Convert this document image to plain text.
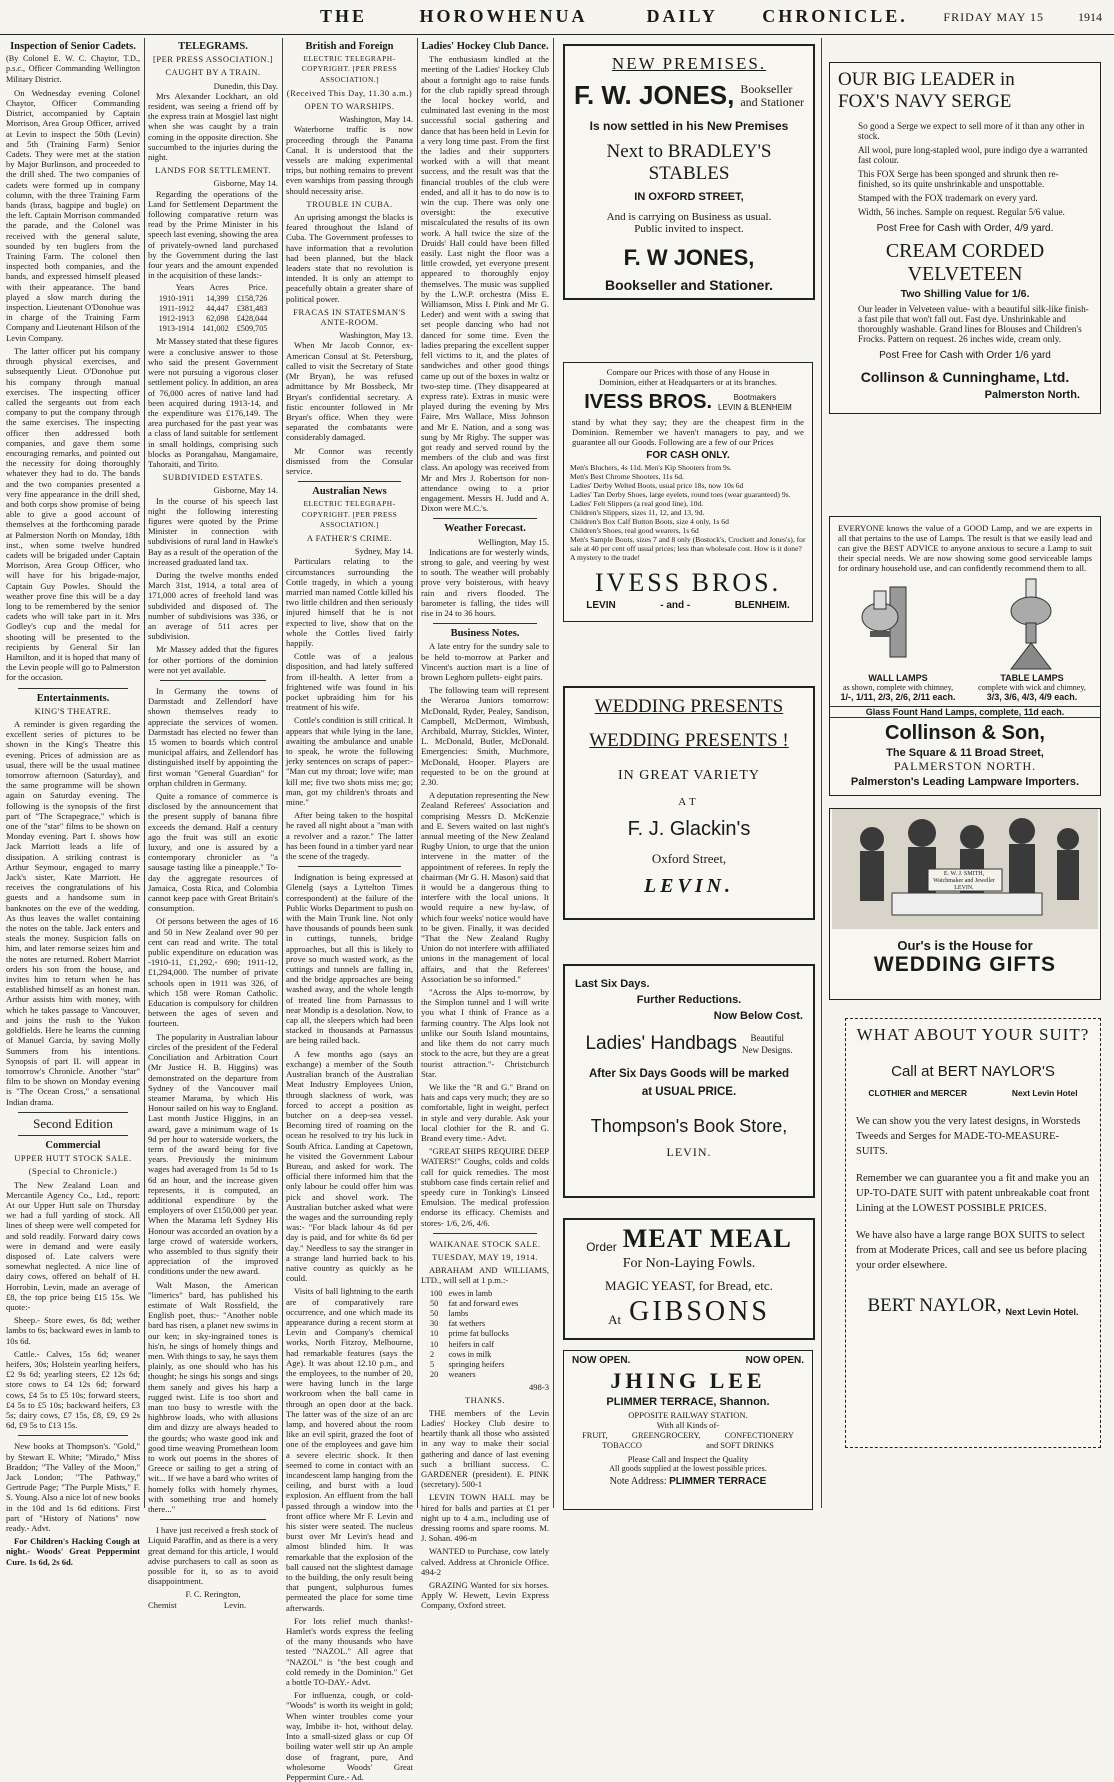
THE	HOROWHENUA	DAILY	CHRONICLE.	FRIDAY MAY 15	1914
Inspection of Senior Cadets.

(By Colonel E. W. C. Chaytor, T.D., p.s.c., Officer Commanding Wellington Military District.

On Wednesday evening Colonel Chaytor, Officer Commanding District, accompanied by Captain Morrison, Area Group Officer, arrived at Levin to inspect the 50th (Levin) and 5th (Training Farm) Senior Cadets. They were met at the station by Major Burlinson, and proceeded to the drill shed. The two companies of cadets were formed up in company column, with the three Training Farm bands (brass, bagpipe and bugle) on the left. Captain Morrison commanded the parade, and the Colonel was received with the general salute, sounded by ten buglers from the Training Farm. The colonel then inspected both companies, and the bands, and expressed himself pleased with their appearance. The band played a slow march during the inspection. Lieutenant O'Donohue was in charge of the Training Farm Company and Lieutenant Hilson of the Levin Company.

The latter officer put his company through physical exercises, and subsequently Lieut. O'Donohue put his company through manual exercises. The inspecting officer called the sergeants out from each company to put the company through the same exercises. The inspecting officer then addressed both companies, and gave them some encouraging remarks, and pointed out the necessity for doing thoroughly whatever they had to do. The bands and the two companies presented a very fine appearance in the drill shed, and both corps show promise of being able to give a good account of themselves at the forthcoming parade at Palmerston North on Monday, 18th inst., when some twelve hundred cadets will be brigaded under Captain Morrison, Area Group Officer, who will have for his brigade-major, Captain Guy Powles. Should the weather prove fine this will be a day long to be remembered by the senior cadets who will take part in it. Mrs Godley's cup and the medal for shooting will be presented to the recipients by General Sir Ian Hamilton, and it is hoped that many of the Levin people will go to Palmerston for the occasion.

Entertainments.
KING'S THEATRE.

A reminder is given regarding the excellent series of pictures to be shown in the King's Theatre this evening. Prices of admission are as usual, there will be the usual matinee tomorrow afternoon (Saturday), and the same programme will be shown again on Saturday evening. The following is the synopsis of the first part of "The Scrapegrace," which is one of the "star" films to be shown on Monday evening. Part I. shows how Jack Marriott leads a life of dissipation. A striking contrast is Arthur Seymour, engaged to marry Jack's sister, Kate Marriott. He receives the congratulations of his guests and a handsome sum in banknotes on the eve of the wedding. As thus leaves the wallet containing the notes on the table. Jack enters and steals the money. Suspicion falls on him, and later remorse seizes him and the notes are returned. Robert Marriot orders his son from the house, and invites him to return when he has established himself as an honest man. Arthur assists him with money, with which he takes passage to Vancouver, and joins the rush to the Yukon goldfields. Here he learns the cunning of Manuel Garcia, by saving Molly Summers from his intentions. Synopsis of part II. will appear in tomorrow's Chronicle. Another "star" film to be shown on Monday evening is "The Ocean Cross," a sensational Indian drama.

Second Edition
Commercial
UPPER HUTT STOCK SALE.
(Special to Chronicle.)

The New Zealand Loan and Mercantile Agency Co., Ltd., report: At our Upper Hutt sale on Thursday we had a full yarding of stock. All lines of sheep were well competed for and sold readily. Forward dairy cows were in demand and were easily disposed of. Late calvers were somewhat neglected. A nice line of dairy cows, offered on behalf of H. Horrobin, Levin, made an average of £8, the top price being £15 15s. We quote:-

Sheep.- Store ewes, 6s 8d; wether lambs to 6s; backward ewes in lamb to 10s 6d.

Cattle.- Calves, 15s 6d; weaner heifers, 30s; Holstein yearling heifers, £2 9s 6d; yearling steers, £2 12s 6d; store cows to £4 12s 6d; forward cows, £4 5s to £5 10s; forward steers, £4 5s to £5 10s; backward heifers, £3 5s; dairy cows, £7 15s, £8, £9, £9 2s 6d, £9 5s to £13 15s.

New books at Thompson's. "Gold," by Stewart E. White; "Mirado," Miss Braddon; "The Valley of the Moon," Jack London; "The Pathway," Gertrude Page; "The Purple Mists," F. S. Young. Also a nice lot of new books in the 10d and 1s 6d editions. First part of "History of Nations" now ready.- Advt.

For Children's Hacking Cough at night.- Woods' Great Peppermint Cure. 1s 6d, 2s 6d.

TELEGRAMS.
[PER PRESS ASSOCIATION.]
CAUGHT BY A TRAIN.
Dunedin, this Day.

Mrs Alexander Lockhart, an old resident, was seeing a friend off by the express train at Mosgiel last night when she was caught by a train coming in the opposite direction. She succumbed to the injuries during the night.

LANDS FOR SETTLEMENT.
Gisborne, May 14.

Regarding the operations of the Land for Settlement Department the following comparative return was read by the Prime Minister in his speech last evening, showing the area of privately-owned land purchased by the Government during the last four years and the amount expended in the acquisition of these lands:-

Years	Acres	Price.
1910-1911	14,399	£158,726
1911-1912	44,447	£381,483
1912-1913	62,098	£428,044
1913-1914	141,002	£509,705

Mr Massey stated that these figures were a conclusive answer to those who said the present Government were not pursuing a vigorous closer settlement policy. In addition, an area of 76,000 acres of native land had been acquired during 1913-14, and the expenditure was £176,149. The area purchased for the past year was a class of land suitable for settlement in small holdings, comprising such blocks as Porangahau, Mangamaire, Tahoraiti, and Tirito.

SUBDIVIDED ESTATES.
Gisborne, May 14.

In the course of his speech last night the following interesting figures were quoted by the Prime Minister in connection with subdivisions of rural land in Hawke's Bay as a result of the operation of the increased graduated land tax.

During the twelve months ended March 31st, 1914, a total area of 171,000 acres of freehold land was subdivided and disposed of. The number of subdivisions was 336, or an average of 511 acres per subdivision.

Mr Massey added that the figures for other portions of the dominion were not yet available.

In Germany the towns of Darmstadt and Zellendorf have shown themselves ready to appreciate the services of women. Darmstadt has elected no fewer than 15 women to boards which control municipal affairs, and Zellendorf has distinguished itself by appointing the first woman "General Guardian" for orphan children in Germany.

Quite a romance of commerce is disclosed by the announcement that the present supply of banana fibre exceeds the demand. Half a century ago the fruit was still an exotic luxury, and one is assured by a contemporary chronicler as "a sausage tasting like a pineapple." To-day the aggregate resources of Jamaica, Costa Rica, and Colombia cannot keep pace with Great Britain's consumption.

Of persons between the ages of 16 and 50 in New Zealand over 90 per cent can read and write. The total public expenditure on education was -1910-11, £1,292,- 690; 1911-12, £1,294,000. The number of private schools open in 1911 was 326, of which 158 were Roman Catholic. Education is compulsory for children between the ages of seven and fourteen.

The popularity in Australian labour circles of the president of the Federal Conciliation and Arbitration Court (Mr Justice H. B. Higgins) was demonstrated on the departure from Sydney of the Vancouver mail steamer Marama, by which His Honour sailed on his way to England. Last month Justice Higgins, in an award, gave a minimum wage of 1s 9d per hour to waterside workers, the term of the award being for five years. Previously the minimum wages had averaged from 1s 5d to 1s 6d an hour, and the increase given represents, it is computed, an additional expenditure by the employers of over £150,000 per year. When the Marama left Sydney His Honour was accorded an ovation by a large crowd of waterside workers, who assembled to thus signify their appreciation of the improved conditions under the new award.

Walt Mason, the American "limerics" bard, has published his estimate of Walt Rossfield, the English poet, thus:- "Another noble bard has risen, a planet new swims in our ken; in sky-ingrained tones is his'n, he sings of homely things and men. With things to say, he says them plainly, as one should who has his thought; he sings his songs and sings them sanely and gives his harp a rugged twist. Life is too short and man too busy to wrestle with the highbrow loads, who with allusions dim and dizzy are always headed to the gourds; who waste good ink and good time weaving Promethean loom to work out poems in the shores of Greece or sailing to get a string of wit... If we have a bard who writes of homely folks with homely rhymes, with something true and homely there..."

I have just received a fresh stock of Liquid Paraffin, and as there is a very great demand for this article, I would advise purchasers to call as soon as possible for it, so as to avoid disappointment.

F. C. Rerington,
Chemist                      Levin.
British and Foreign
ELECTRIC TELEGRAPH-COPYRIGHT. [PER PRESS ASSOCIATION.]
(Received This Day, 11.30 a.m.)
OPEN TO WARSHIPS.
Washington, May 14.

Waterborne traffic is now proceeding through the Panama Canal. It is understood that the vessels are making experimental trips, but nothing remains to prevent even warships from passing through should necessity arise.

TROUBLE IN CUBA.

An uprising amongst the blacks is feared throughout the Island of Cuba. The Government professes to have information that a revolution had been planned, but the black leaders state that no revolution is intended. It is only an attempt to peacefully obtain a greater share of political power.

FRACAS IN STATESMAN'S ANTE-ROOM.
Washington, May 13.

When Mr Jacob Connor, ex-American Consul at St. Petersburg, called to visit the Secretary of State (Mr Bryan), he was refused admittance by Mr Bossbeck, Mr Bryan's confidential secretary. A fistic encounter followed in Mr Bryan's office. When they were separated the combatants were considerably damaged.

Mr Connor was recently dismissed from the Consular service.

Australian News
ELECTRIC TELEGRAPH-COPYRIGHT. [PER PRESS ASSOCIATION.]
A FATHER'S CRIME.
Sydney, May 14.

Particulars relating to the circumstances surrounding the Cottle tragedy, in which a young married man named Cottle killed his two little children and then seriously injured himself that he is not expected to live, show that on the whole the Cottles lived fairly happily.

Cottle was of a jealous disposition, and had lately suffered from ill-health. A letter from a frightened wife was found in his pocket upbraiding him for his treatment of his wife.

Cottle's condition is still critical. It appears that while lying in the lane, awaiting the ambulance and unable to speak, he wrote the following jerky sentences on scraps of paper:- "Man cut my throat; love wife; man kill me; five two shots miss me; go; man, got my children's throats and mine."

After being taken to the hospital he raved all night about a "man with a revolver and a razor." The latter has been found in a timber yard near the scene of the tragedy.

Indignation is being expressed at Glenelg (says a Lyttelton Times correspondent) at the failure of the Public Works Department to push on with the Main Trunk line. Not only have thousands of pounds been sunk in cuttings, tunnels, bridge approaches, but all this is likely to prove so much wasted work, as the cuttings and tunnels are falling in, and the bridge approaches are being washed away, and the whole length of treated line from Parnassus to near Mondip is a desolation. Now, to cap all, the sleepers which had been stacked in thousands at Parnassus are being railed back.

A few months ago (says an exchange) a member of the South Australian branch of the Australian Meat Industry Employees Union, through slackness of work, was forced to accept a position as butcher on a deep-sea vessel. Becoming tired of roaming on the ocean he resolved to try his luck in South Africa. Landing at Capetown, he visited the Government Labour Bureau, and asked for work. The official there informed him that the only labour he could offer him was pick and shovel work. The Australian butcher asked what were the wages and the surrounding reply was:- "For black labour 4s 6d per day is paid, and for white 8s 6d per day." Needless to say the stranger in a strange land hurried back to his native country as quickly as he could.

Visits of ball lightning to the earth are of comparatively rare occurrence, and one which made its appearance during a recent storm at Levin and Company's chemical works, North Fitzroy, Melbourne, had remarkable features (says the Age). It was about 12.10 p.m., and the employees, to the number of 20, were having lunch in the large workroom when the ball came in through an open door at the back. The latter was of the size of an arc lamp, and hovered about the room like an evil spirit, grazed the foot of one of the employees and gave him a severe electric shock. It then seemed to come in contact with an incandescent lamp hanging from the ceiling, and burst with a loud explosion. An effluent from the ball passed through a window into the front office where Mr F. Levin and his sister were seated. The nucleus burst over Mr Levin's head and almost blinded him. It was remarkable that the explosion of the ball caused not the slightest damage to the building, the only result being that pungent, sulphurous fumes permeated the place for some time afterwards.

For lots relief much thanks!- Hamlet's words express the feeling of the many thousands who have tested "NAZOL." All agree that "NAZOL" is "the best cough and cold remedy in the Dominion." Get a bottle TO-DAY.- Advt.

For influenza, cough, or cold- "Woods" is worth its weight in gold; When winter troubles come your way, Imbibe it- hot, without delay. Into a small-sized glass or cup Of boiling water well stir up An ample dose of fragrant, pure, And wholesome Woods' Great Peppermint Cure.- Ad.

Ladies' Hockey Club Dance.

The enthusiasm kindled at the meeting of the Ladies' Hockey Club about a fortnight ago to raise funds for the club rapidly spread through the local hockey world, and culminated last evening in the most successful social gathering and dance that has been held in Levin for a very long time past. From the first the ladies and their supporters worked with a will that meant success, and the result was that the financial troubles of the club were ended, and all it has to do now is to win the cup. There was only one oversight: the executive miscalculated the results of its own work. A hall twice the size of the Druids' Hall could have been filled easily. Last night the floor was a little crowded, yet everyone present appeared to thoroughly enjoy themselves. The music was supplied by the L.W.P. orchestra (Miss E. Williamson, Miss I. Pink and Mr G. Leder) and went with a swing that set people dancing who had not danced for some time. Even the ladies preparing the excellent supper fell victims to it, and the plates of sandwiches and other good things came up out of the boxes in waltz or two-step time. (They disappeared at express rate). Extras in music were played during the evening by Mrs Faire, Mrs Wallace, Miss Johnson and Mr E. Nation, and a song was sung by Mr Rigby. The supper was got ready and served round by the members of the club and was first class. An apology was received from Mr and Mrs J. Robertson for non-attendance owing to a prior engagement. Messrs H. Judd and A. Dixon were M.C.'s.

Weather Forecast.
Wellington, May 15.

Indications are for westerly winds, strong to gale, and veering by west to south. The weather will probably prove very boisterous, with heavy rain and rivers flooded. The barometer is falling, the tides will rise in 24 to 36 hours.

Business Notes.

A late entry for the sundry sale to be held to-morrow at Parker and Vincent's auction mart is a line of brown Leghorn pullets- eight pairs.

The following team will represent the Weraroa Juniors tomorrow: McDonald, Ryder, Pealey, Sandison, Campbell, McDermott, Wimbush, Archibald, Murray, Stickles, Winter, L. McDonald, Butler, McDonald. Emergencies: Smith, Muchmore, McDonald, Hooper. Players are requested to be on the ground at 2.30.

A deputation representing the New Zealand Referees' Association and comprising Messrs D. McKenzie and E. Severs waited on last night's annual meeting of the New Zealand Rugby Union, to urge that the union intervene in the matter of the appointment of referees. In reply the chairman (Mr G. H. Mason) said that it would be a dangerous thing to interfere with the local unions. It would require a new by-law, of which four weeks' notice would have to be given. Finally, it was decided "That the New Zealand Rugby Union do not interfere with affiliated unions in the management of local affairs, and that the Referees' Association be so informed."

"Across the Alps to-morrow, by the Simplon tunnel and I will write you what I think of France as a farming country. The Alps look not unlike our South Island mountains, and like them do not carry much stock to the acre, but they are a great tourist attraction."- Christchurch Star.

We like the "R and G." Brand on hats and caps very much; they are so comfortable, light in weight, perfect in style and very durable. Ask your local clothier for the R. and G. Brand every time.- Advt.

"GREAT SHIPS REQUIRE DEEP WATERS!" Coughs, colds and colds call for quick remedies. The most stubborn case finds certain relief and speedy cure in Tonking's Linseed Emulsion. The medical profession endorse its efficacy. Chemists and stores- 1/6, 2/6, 4/6.

WAIKANAE STOCK SALE.
TUESDAY, MAY 19, 1914.

ABRAHAM AND WILLIAMS, LTD., will sell at 1 p.m.:-

100	ewes in lamb
50	fat and forward ewes
50	lambs
30	fat wethers
10	prime fat bullocks
10	heifers in calf
2	cows in milk
5	springing heifers
20	weaners
498-3
THANKS.

THE members of the Levin Ladies' Hockey Club desire to heartily thank all those who assisted in any way to make their social gathering and dance of last evening such a brilliant success. C. GARDENER (president). E. PINK (secretary). 500-1

LEVIN TOWN HALL may be hired for balls and parties at £1 per night up to 4 a.m., including use of dressing rooms and spare rooms. M. J. Sohan. 496-m

WANTED to Purchase, cow lately calved. Address at Chronicle Office. 494-2

GRAZING Wanted for six horses. Apply W. Hewett, Levin Express Company, Oxford street.

NEW PREMISES.
F. W. JONES, Bookseller
and Stationer
Is now settled in his New Premises
Next to BRADLEY'S STABLES
IN OXFORD STREET,
And is carrying on Business as usual.
Public invited to inspect.
F. W JONES,
Bookseller and Stationer.
Compare our Prices with those of any House in
Dominion, either at Headquarters or at its branches.
IVESS BROS.	Bootmakers
LEVIN & BLENHEIM
stand by what they say; they are the cheapest firm in the Dominion. Remember we haven't managers to pay, and we guarantee all our Goods. Following are a few of our Prices
FOR CASH ONLY.
Men's Bluchers, 4s 11d. Men's Kip Shooters from 9s.
Men's Best Chrome Shooters, 11s 6d.
Ladies' Derby Welted Boots, usual price 18s, now 10s 6d
Ladies' Tan Derby Shoes, large eyelets, round toes (wear guaranteed) 9s.
Ladies' Felt Slippers (a real good line), 10d.
Children's Slippers, sizes 11, 12, and 13, 9d.
Children's Box Calf Button Boots, size 4 only, 1s 6d
Children's Shoes, real good wearers, 1s 6d
Men's Sample Boots, sizes 7 and 8 only (Bostock's, Crockett and Jones's), for sale at 40 per cent off usual prices; less than wholesale cost. How is it done? A mystery to the trade!
IVESS BROS.
LEVIN	- and -	BLENHEIM.
WEDDING PRESENTS
WEDDING PRESENTS !
IN GREAT VARIETY
AT
F. J. Glackin's
Oxford Street,
LEVIN.
Last Six Days.
Further Reductions.
Now Below Cost.
Ladies' Handbags	Beautiful
New Designs.
After Six Days Goods will be marked
at USUAL PRICE.
Thompson's Book Store,
LEVIN.
Order MEAT MEAL
For Non-Laying Fowls.
MAGIC YEAST, for Bread, etc.
At GIBSONS
NOW OPEN.	NOW OPEN.
JHING LEE
PLIMMER TERRACE, Shannon.
OPPOSITE RAILWAY STATION.
With all Kinds of-
FRUIT,	GREENGROCERY,	CONFECTIONERY
TOBACCO	and SOFT DRINKS
Please Call and Inspect the Quality
All goods supplied at the lowest possible prices.
Note Address: PLIMMER TERRACE
OUR BIG LEADER in
FOX'S NAVY SERGE
So good a Serge we expect to sell more of it than any other in stock.
All wool, pure long-stapled wool, pure indigo dye a warranted fast colour.
This FOX Serge has been sponged and shrunk then re-finished, so its quite unshrinkable and unspottable.
Stamped with the FOX trademark on every yard.
Width, 56 inches. Sample on request. Regular 5/6 value.
Post Free for Cash with Order, 4/9 yard.
CREAM CORDED VELVETEEN
Two Shilling Value for 1/6.
Our leader in Velveteen value- with a beautiful silk-like finish- a fast pile that won't fall out. Fast dye. Unshrinkable and thoroughly washable. Grand lines for Blouses and Children's Frocks. Pattern on request. 26 inches wide, cream only.
Post Free for Cash with Order 1/6 yard
Collinson & Cunninghame, Ltd.
Palmerston North.
EVERYONE knows the value of a GOOD Lamp, and we are experts in all that pertains to the use of Lamps. The result is that we easily lead and can give the BEST ADVICE to anyone anxious to secure a Lamp to suit their special needs. We are now showing some good serviceable lamps for ordinary household use, and can confidently recommend them to all.
WALL LAMPS
as shown, complete with chimney,
1/-, 1/11, 2/3, 2/6, 2/11 each.
TABLE LAMPS
complete with wick and chimney,
3/3, 3/6, 4/3, 4/9 each.
Glass Fount Hand Lamps, complete, 11d each.
Collinson & Son,
The Square & 11 Broad Street,
PALMERSTON NORTH.
Palmerston's Leading Lampware Importers.
E. W. J. SMITH,
Watchmaker and Jeweller
LEVIN.
Our's is the House for
WEDDING GIFTS
WHAT ABOUT YOUR SUIT?
Call at BERT NAYLOR'S
CLOTHIER and MERCER	Next Levin Hotel
We can show you the very latest designs, in Worsteds Tweeds and Serges for MADE-TO-MEASURE-SUITS.
Remember we can guarantee you a fit and make you an UP-TO-DATE SUIT with patent unbreakable coat front Lining at the LOWEST POSSIBLE PRICES.
We have also have a large range BOX SUITS to select from at Moderate Prices, call and see us before placing your order elsewhere.
BERT NAYLOR, Next Levin Hotel.
